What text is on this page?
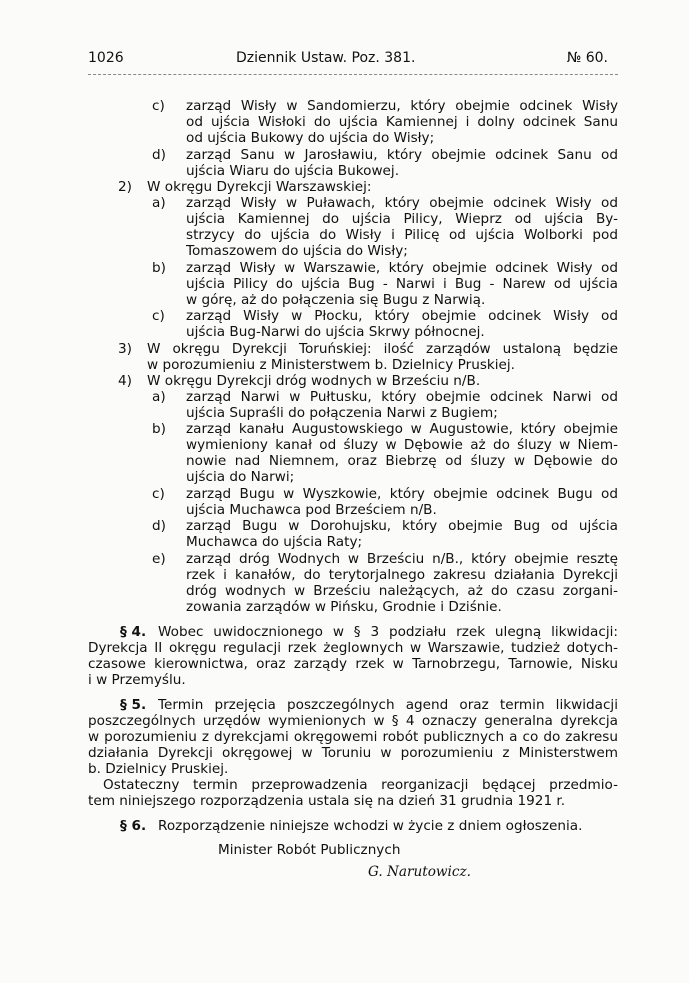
1026	Dziennik Ustaw. Poz. 381.	№ 60.
c) zarząd Wisły w Sandomierzu, który obejmie odcinek Wisły
od ujścia Wisłoki do ujścia Kamiennej i dolny odcinek Sanu
od ujścia Bukowy do ujścia do Wisły;
d) zarząd Sanu w Jarosławiu, który obejmie odcinek Sanu od
ujścia Wiaru do ujścia Bukowej.
2) W okręgu Dyrekcji Warszawskiej:
a) zarząd Wisły w Puławach, który obejmie odcinek Wisły od
ujścia Kamiennej do ujścia Pilicy, Wieprz od ujścia By-
strzycy do ujścia do Wisły i Pilicę od ujścia Wolborki pod
Tomaszowem do ujścia do Wisły;
b) zarząd Wisły w Warszawie, który obejmie odcinek Wisły od
ujścia Pilicy do ujścia Bug - Narwi i Bug - Narew od ujścia
w górę, aż do połączenia się Bugu z Narwią.
c) zarząd Wisły w Płocku, który obejmie odcinek Wisły od
ujścia Bug-Narwi do ujścia Skrwy północnej.
3) W okręgu Dyrekcji Toruńskiej: ilość zarządów ustaloną będzie
w porozumieniu z Ministerstwem b. Dzielnicy Pruskiej.
4) W okręgu Dyrekcji dróg wodnych w Brześciu n/B.
a) zarząd Narwi w Pułtusku, który obejmie odcinek Narwi od
ujścia Supraśli do połączenia Narwi z Bugiem;
b) zarząd kanału Augustowskiego w Augustowie, który obejmie
wymieniony kanał od śluzy w Dębowie aż do śluzy w Niem-
nowie nad Niemnem, oraz Biebrzę od śluzy w Dębowie do
ujścia do Narwi;
c) zarząd Bugu w Wyszkowie, który obejmie odcinek Bugu od
ujścia Muchawca pod Brześciem n/B.
d) zarząd Bugu w Dorohujsku, który obejmie Bug od ujścia
Muchawca do ujścia Raty;
e) zarząd dróg Wodnych w Brześciu n/B., który obejmie resztę
rzek i kanałów, do terytorjalnego zakresu działania Dyrekcji
dróg wodnych w Brześciu należących, aż do czasu zorgani-
zowania zarządów w Pińsku, Grodnie i Dziśnie.
§ 4. Wobec uwidocznionego w § 3 podziału rzek ulegną likwidacji:
Dyrekcja II okręgu regulacji rzek żeglownych w Warszawie, tudzież dotych-
czasowe kierownictwa, oraz zarządy rzek w Tarnobrzegu, Tarnowie, Nisku
i w Przemyślu.
§ 5. Termin przejęcia poszczególnych agend oraz termin likwidacji
poszczególnych urzędów wymienionych w § 4 oznaczy generalna dyrekcja
w porozumieniu z dyrekcjami okręgowemi robót publicznych a co do zakresu
działania Dyrekcji okręgowej w Toruniu w porozumieniu z Ministerstwem
b. Dzielnicy Pruskiej.
Ostateczny termin przeprowadzenia reorganizacji będącej przedmio-
tem niniejszego rozporządzenia ustala się na dzień 31 grudnia 1921 r.
§ 6. Rozporządzenie niniejsze wchodzi w życie z dniem ogłoszenia.
Minister Robót Publicznych
G. Narutowicz.
